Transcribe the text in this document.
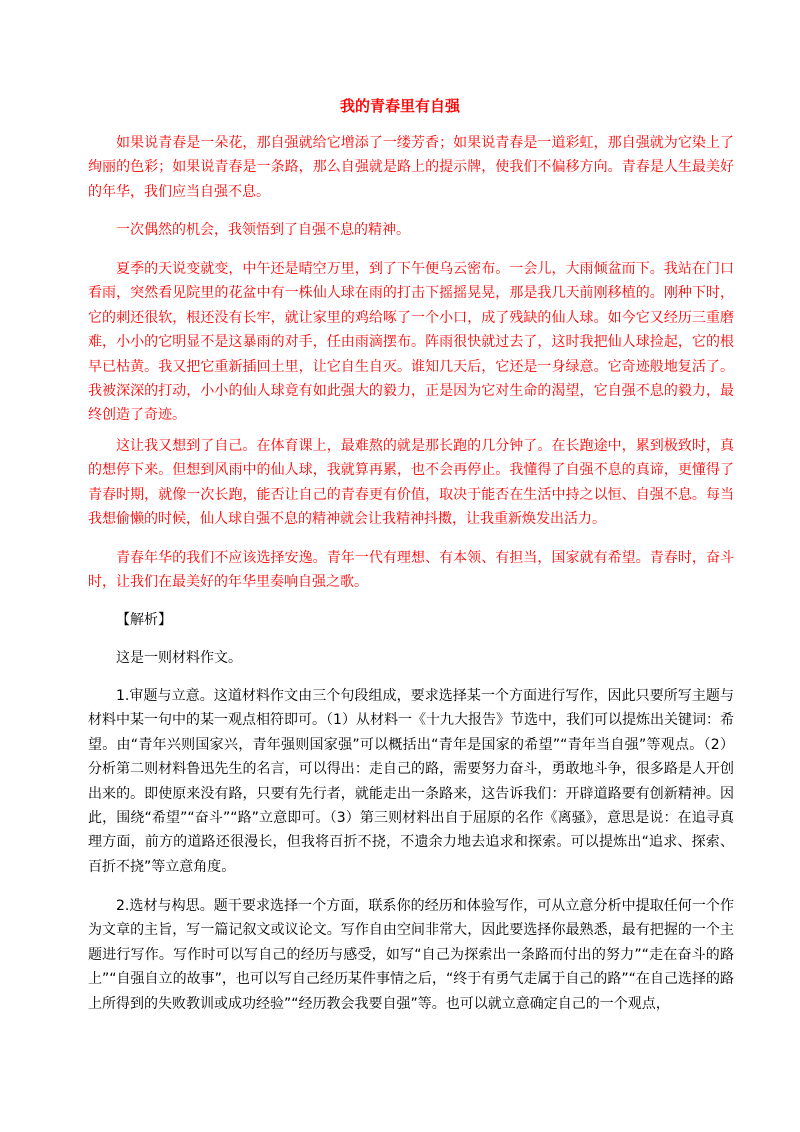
我的青春里有自强

如果说青春是一朵花，那自强就给它增添了一缕芳香；如果说青春是一道彩虹，那自强就为它染上了绚丽的色彩；如果说青春是一条路，那么自强就是路上的提示牌，使我们不偏移方向。青春是人生最美好的年华，我们应当自强不息。

一次偶然的机会，我领悟到了自强不息的精神。

夏季的天说变就变，中午还是晴空万里，到了下午便乌云密布。一会儿，大雨倾盆而下。我站在门口看雨，突然看见院里的花盆中有一株仙人球在雨的打击下摇摇晃晃，那是我几天前刚移植的。刚种下时，它的刺还很软，根还没有长牢，就让家里的鸡给啄了一个小口，成了残缺的仙人球。如今它又经历三重磨难，小小的它明显不是这暴雨的对手，任由雨滴摆布。阵雨很快就过去了，这时我把仙人球捡起，它的根早已枯黄。我又把它重新插回土里，让它自生自灭。谁知几天后，它还是一身绿意。它奇迹般地复活了。我被深深的打动，小小的仙人球竟有如此强大的毅力，正是因为它对生命的渴望，它自强不息的毅力，最终创造了奇迹。

这让我又想到了自己。在体育课上，最难熬的就是那长跑的几分钟了。在长跑途中，累到极致时，真的想停下来。但想到风雨中的仙人球，我就算再累，也不会再停止。我懂得了自强不息的真谛，更懂得了青春时期，就像一次长跑，能否让自己的青春更有价值，取决于能否在生活中持之以恒、自强不息。每当我想偷懒的时候，仙人球自强不息的精神就会让我精神抖擞，让我重新焕发出活力。

青春年华的我们不应该选择安逸。青年一代有理想、有本领、有担当，国家就有希望。青春时，奋斗时，让我们在最美好的年华里奏响自强之歌。

【解析】

这是一则材料作文。

1.审题与立意。这道材料作文由三个句段组成，要求选择某一个方面进行写作，因此只要所写主题与材料中某一句中的某一观点相符即可。（1）从材料一《十九大报告》节选中，我们可以提炼出关键词：希望。由“青年兴则国家兴，青年强则国家强”可以概括出“青年是国家的希望”“青年当自强”等观点。（2）分析第二则材料鲁迅先生的名言，可以得出：走自己的路，需要努力奋斗，勇敢地斗争，很多路是人开创出来的。即使原来没有路，只要有先行者，就能走出一条路来，这告诉我们：开辟道路要有创新精神。因此，围绕“希望”“奋斗”“路”立意即可。（3）第三则材料出自于屈原的名作《离骚》，意思是说：在追寻真理方面，前方的道路还很漫长，但我将百折不挠，不遗余力地去追求和探索。可以提炼出“追求、探索、百折不挠”等立意角度。

2.选材与构思。题干要求选择一个方面，联系你的经历和体验写作，可从立意分析中提取任何一个作为文章的主旨，写一篇记叙文或议论文。写作自由空间非常大，因此要选择你最熟悉，最有把握的一个主题进行写作。写作时可以写自己的经历与感受，如写“自己为探索出一条路而付出的努力”“走在奋斗的路上”“自强自立的故事”，也可以写自己经历某件事情之后，“终于有勇气走属于自己的路”“在自己选择的路上所得到的失败教训或成功经验”“经历教会我要自强”等。也可以就立意确定自己的一个观点，
